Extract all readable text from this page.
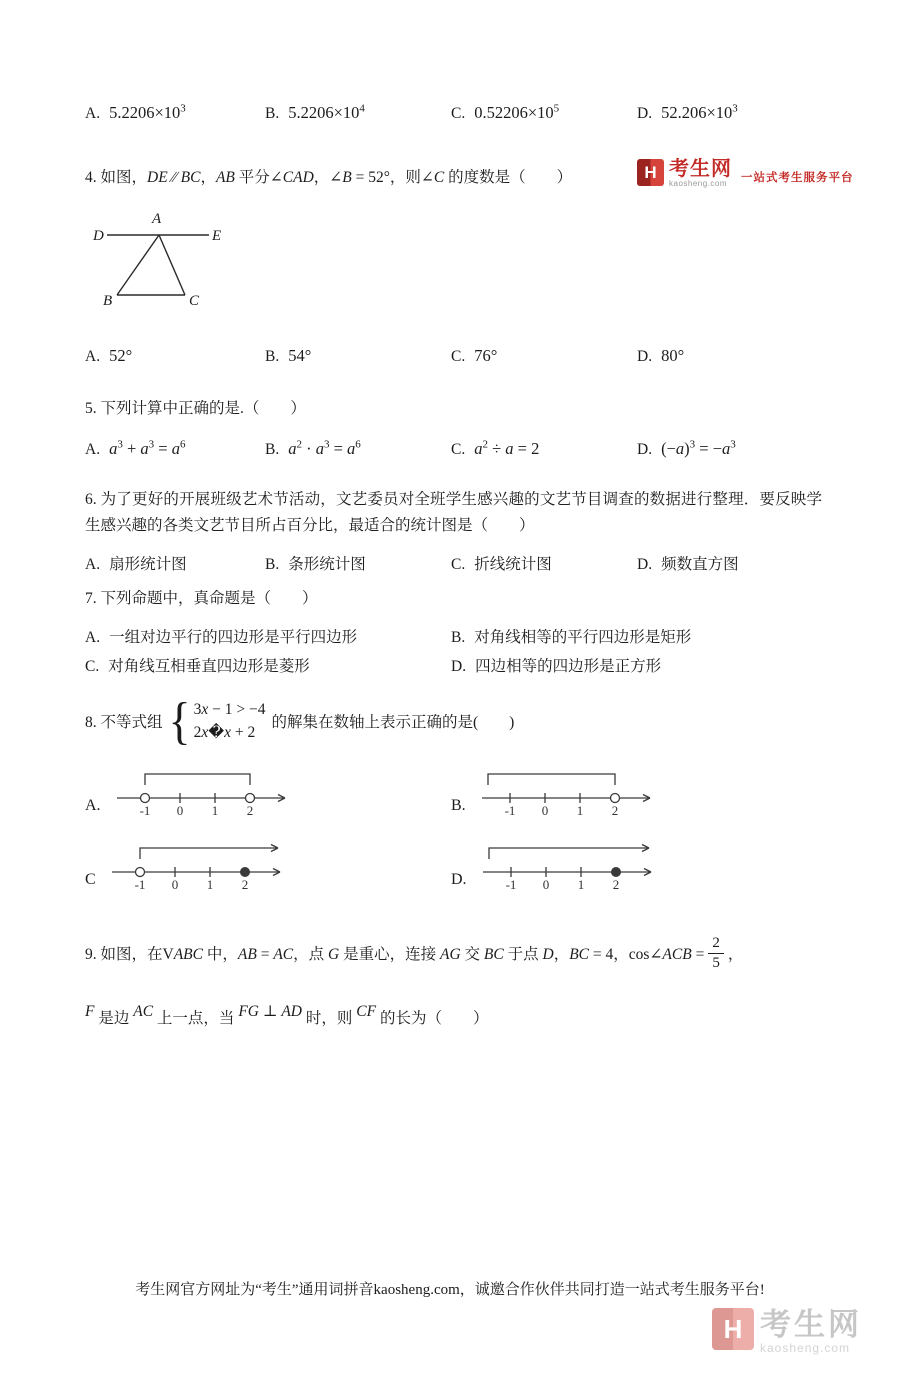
H 考生网
kaosheng.com	一站式考生服务平台
A. $5.2206\times 10^3$	B. $5.2206\times 10^4$	C. $0.52206\times 10^5$	D. $52.206\times 10^3$

4. 如图，DE ∕∕ BC，AB 平分∠CAD，∠B = 52°，则∠C 的度数是（　　）

D
A
E
B	C
A. 52°	B. 54°	C. 76°	D. 80°

5. 下列计算中正确的是.（　　）

A. $a^3 + a^3 = a^6$	B. $a^2 \cdot a^3 = a^6$	C. $a^2 \div a = 2$	D. $(-a)^3 = -a^3$

6. 为了更好的开展班级艺术节活动，文艺委员对全班学生感兴趣的文艺节目调查的数据进行整理．要反映学生感兴趣的各类文艺节目所占百分比，最适合的统计图是（　　）

A. 扇形统计图	B. 条形统计图	C. 折线统计图	D. 频数直方图

7. 下列命题中，真命题是（　　）

A. 一组对边平行的四边形是平行四边形	B. 对角线相等的平行四边形是矩形
C. 对角线互相垂直四边形是菱形	D. 四边相等的四边形是正方形
8. 不等式组 { 3x − 1 > −4
2x�x + 2
的解集在数轴上表示正确的是(　　)
A.	-1 0 1 2	B.	-1 0 1 2
C	-1 0 1 2	D.	-1 0 1 2
9. 如图，在VABC 中，AB = AC，点 G 是重心，连接 AG 交 BC 于点 D，BC = 4，cos∠ACB = $\frac{2}{5}$ ，

F 是边 AC 上一点，当 FG ⊥ AD 时，则 CF 的长为（　　）

考生网官方网址为“考生”通用词拼音kaosheng.com，诚邀合作伙伴共同打造一站式考生服务平台!
H 考生网
kaosheng.com
